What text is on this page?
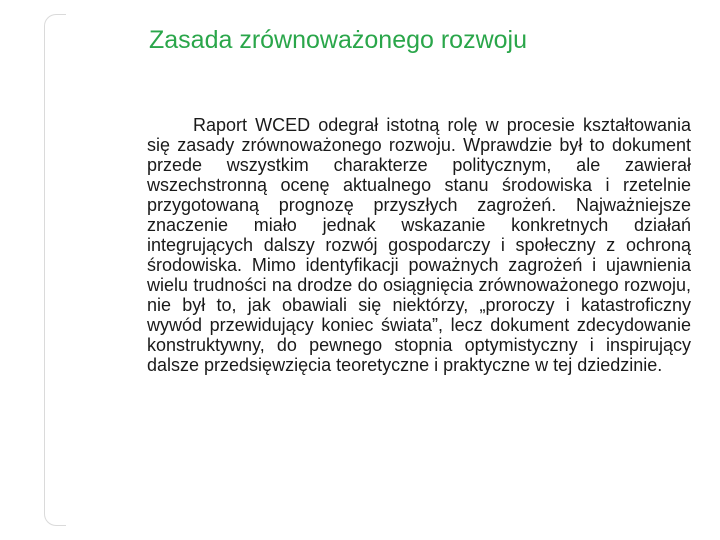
Zasada zrównoważonego rozwoju

Raport WCED odegrał istotną rolę w procesie kształtowania się zasady zrównoważonego rozwoju. Wprawdzie był to dokument przede wszystkim charakterze politycznym, ale zawierał wszechstronną ocenę aktualnego stanu środowiska i rzetelnie przygotowaną prognozę przyszłych zagrożeń. Najważniejsze znaczenie miało jednak wskazanie konkretnych działań integrujących dalszy rozwój gospodarczy i społeczny z ochroną środowiska. Mimo identyfikacji poważnych zagrożeń i ujawnienia wielu trudności na drodze do osiągnięcia zrównoważonego rozwoju, nie był to, jak obawiali się niektórzy, „proroczy i katastroficzny wywód przewidujący koniec świata”, lecz dokument zdecydowanie konstruktywny, do pewnego stopnia optymistyczny i inspirujący dalsze przedsięwzięcia teoretyczne i praktyczne w tej dziedzinie.
